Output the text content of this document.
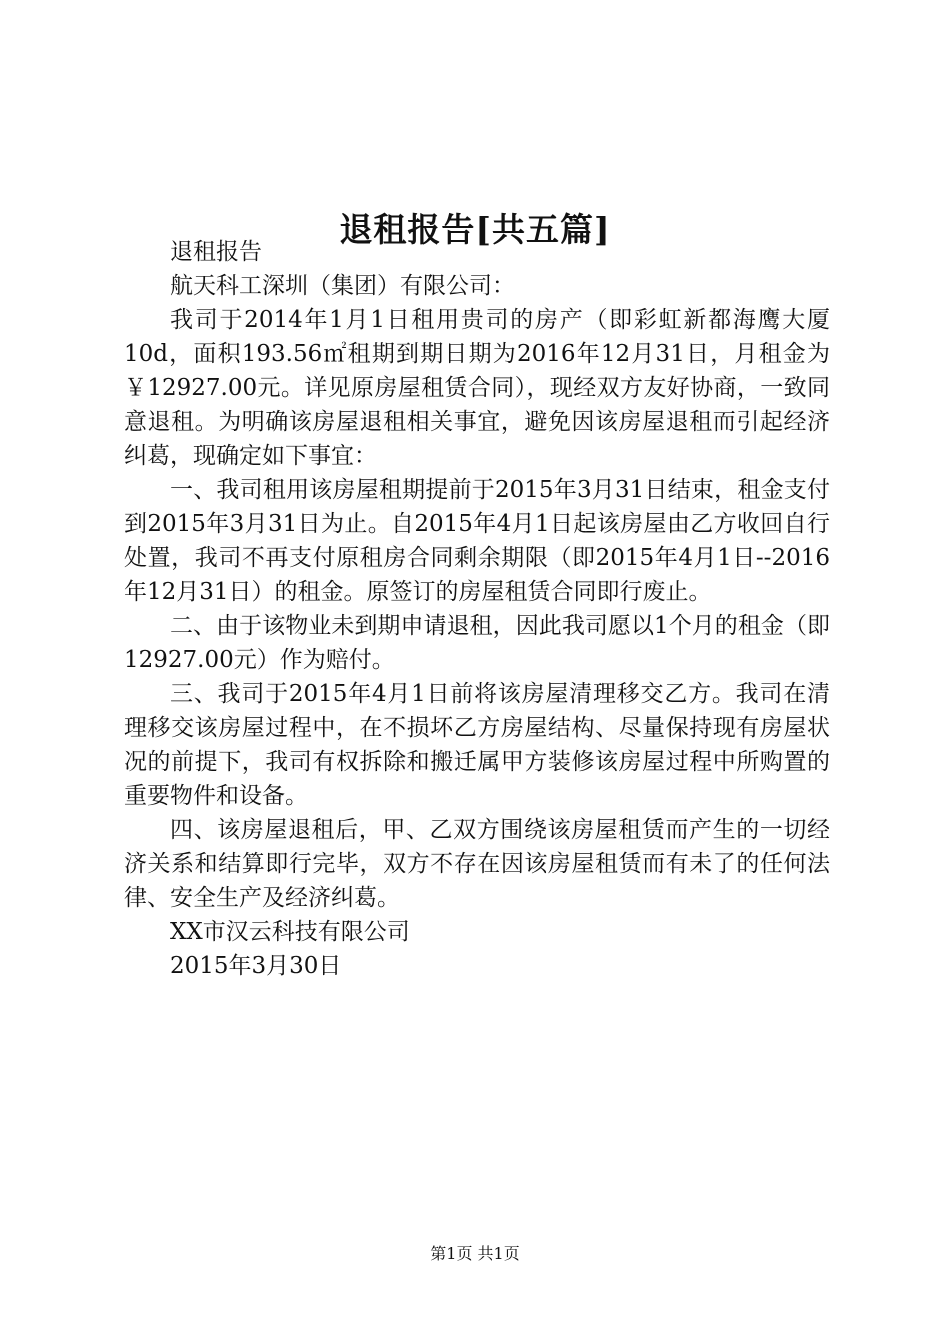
退租报告[共五篇]

退租报告

航天科工深圳（集团）有限公司：

我司于2014年1月1日租用贵司的房产（即彩虹新都海鹰大厦10d，面积193.56㎡租期到期日期为2016年12月31日，月租金为￥12927.00元。详见原房屋租赁合同），现经双方友好协商，一致同意退租。为明确该房屋退租相关事宜，避免因该房屋退租而引起经济纠葛，现确定如下事宜：

一、我司租用该房屋租期提前于2015年3月31日结束，租金支付到2015年3月31日为止。自2015年4月1日起该房屋由乙方收回自行处置，我司不再支付原租房合同剩余期限（即2015年4月1日--2016年12月31日）的租金。原签订的房屋租赁合同即行废止。

二、由于该物业未到期申请退租，因此我司愿以1个月的租金（即12927.00元）作为赔付。

三、我司于2015年4月1日前将该房屋清理移交乙方。我司在清理移交该房屋过程中，在不损坏乙方房屋结构、尽量保持现有房屋状况的前提下，我司有权拆除和搬迁属甲方装修该房屋过程中所购置的重要物件和设备。

四、该房屋退租后，甲、乙双方围绕该房屋租赁而产生的一切经济关系和结算即行完毕，双方不存在因该房屋租赁而有未了的任何法律、安全生产及经济纠葛。

XX市汉云科技有限公司

2015年3月30日

第1页 共1页
